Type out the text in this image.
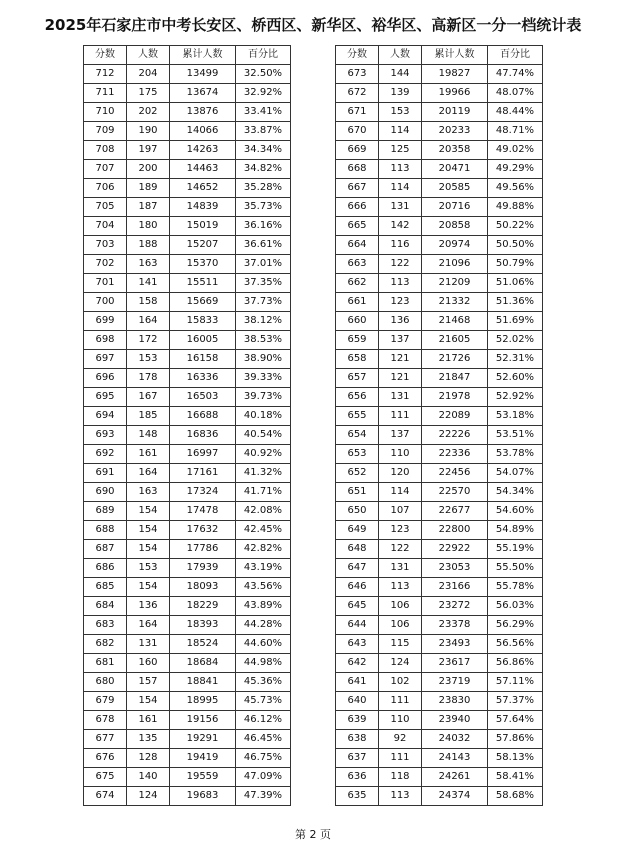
2025年石家庄市中考长安区、桥西区、新华区、裕华区、高新区一分一档统计表
分数	人数	累计人数	百分比
712	204	13499	32.50%
711	175	13674	32.92%
710	202	13876	33.41%
709	190	14066	33.87%
708	197	14263	34.34%
707	200	14463	34.82%
706	189	14652	35.28%
705	187	14839	35.73%
704	180	15019	36.16%
703	188	15207	36.61%
702	163	15370	37.01%
701	141	15511	37.35%
700	158	15669	37.73%
699	164	15833	38.12%
698	172	16005	38.53%
697	153	16158	38.90%
696	178	16336	39.33%
695	167	16503	39.73%
694	185	16688	40.18%
693	148	16836	40.54%
692	161	16997	40.92%
691	164	17161	41.32%
690	163	17324	41.71%
689	154	17478	42.08%
688	154	17632	42.45%
687	154	17786	42.82%
686	153	17939	43.19%
685	154	18093	43.56%
684	136	18229	43.89%
683	164	18393	44.28%
682	131	18524	44.60%
681	160	18684	44.98%
680	157	18841	45.36%
679	154	18995	45.73%
678	161	19156	46.12%
677	135	19291	46.45%
676	128	19419	46.75%
675	140	19559	47.09%
674	124	19683	47.39%
分数	人数	累计人数	百分比
673	144	19827	47.74%
672	139	19966	48.07%
671	153	20119	48.44%
670	114	20233	48.71%
669	125	20358	49.02%
668	113	20471	49.29%
667	114	20585	49.56%
666	131	20716	49.88%
665	142	20858	50.22%
664	116	20974	50.50%
663	122	21096	50.79%
662	113	21209	51.06%
661	123	21332	51.36%
660	136	21468	51.69%
659	137	21605	52.02%
658	121	21726	52.31%
657	121	21847	52.60%
656	131	21978	52.92%
655	111	22089	53.18%
654	137	22226	53.51%
653	110	22336	53.78%
652	120	22456	54.07%
651	114	22570	54.34%
650	107	22677	54.60%
649	123	22800	54.89%
648	122	22922	55.19%
647	131	23053	55.50%
646	113	23166	55.78%
645	106	23272	56.03%
644	106	23378	56.29%
643	115	23493	56.56%
642	124	23617	56.86%
641	102	23719	57.11%
640	111	23830	57.37%
639	110	23940	57.64%
638	92	24032	57.86%
637	111	24143	58.13%
636	118	24261	58.41%
635	113	24374	58.68%
第 2 页
